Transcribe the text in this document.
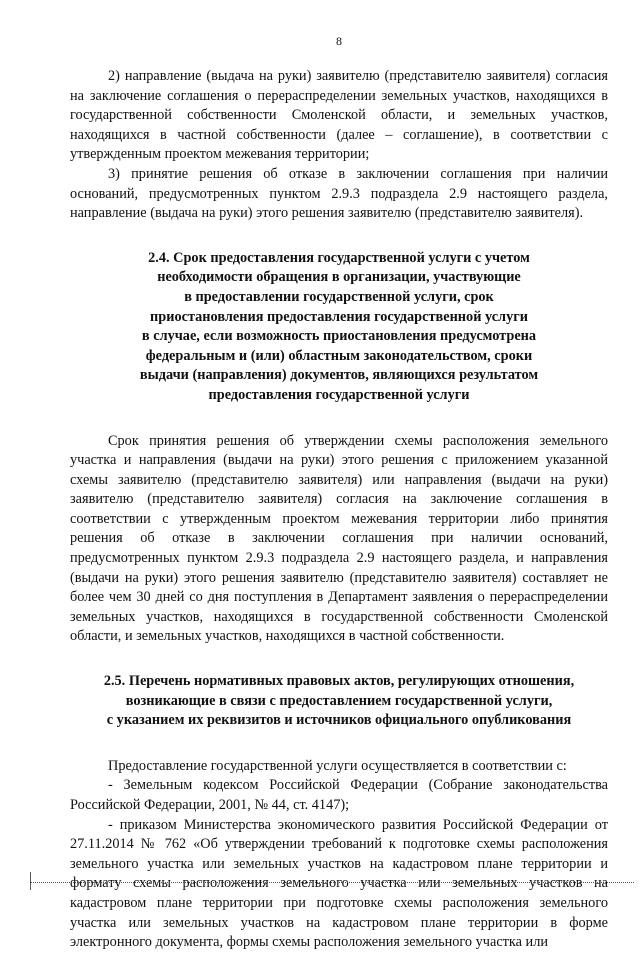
8

2) направление (выдача на руки) заявителю (представителю заявителя) согласия на заключение соглашения о перераспределении земельных участков, находящихся в государственной собственности Смоленской области, и земельных участков, находящихся в частной собственности (далее – соглашение), в соответствии с утвержденным проектом межевания территории;

3) принятие решения об отказе в заключении соглашения при наличии оснований, предусмотренных пунктом 2.9.3 подраздела 2.9 настоящего раздела, направление (выдача на руки) этого решения заявителю (представителю заявителя).

2.4. Срок предоставления государственной услуги с учетом
необходимости обращения в организации, участвующие
в предоставлении государственной услуги, срок
приостановления предоставления государственной услуги
в случае, если возможность приостановления предусмотрена
федеральным и (или) областным законодательством, сроки
выдачи (направления) документов, являющихся результатом
предоставления государственной услуги

Срок принятия решения об утверждении схемы расположения земельного участка и направления (выдачи на руки) этого решения с приложением указанной схемы заявителю (представителю заявителя) или направления (выдачи на руки) заявителю (представителю заявителя) согласия на заключение соглашения в соответствии с утвержденным проектом межевания территории либо принятия решения об отказе в заключении соглашения при наличии оснований, предусмотренных пунктом 2.9.3 подраздела 2.9 настоящего раздела, и направления (выдачи на руки) этого решения заявителю (представителю заявителя) составляет не более чем 30 дней со дня поступления в Департамент заявления о перераспределении земельных участков, находящихся в государственной собственности Смоленской области, и земельных участков, находящихся в частной собственности.

2.5. Перечень нормативных правовых актов, регулирующих отношения,
возникающие в связи с предоставлением государственной услуги,
с указанием их реквизитов и источников официального опубликования

Предоставление государственной услуги осуществляется в соответствии с:

- Земельным кодексом Российской Федерации (Собрание законодательства Российской Федерации, 2001, № 44, ст. 4147);

- приказом Министерства экономического развития Российской Федерации от 27.11.2014 № 762 «Об утверждении требований к подготовке схемы расположения земельного участка или земельных участков на кадастровом плане территории и формату схемы расположения земельного участка или земельных участков на кадастровом плане территории при подготовке схемы расположения земельного участка или земельных участков на кадастровом плане территории в форме электронного документа, формы схемы расположения земельного участка или
